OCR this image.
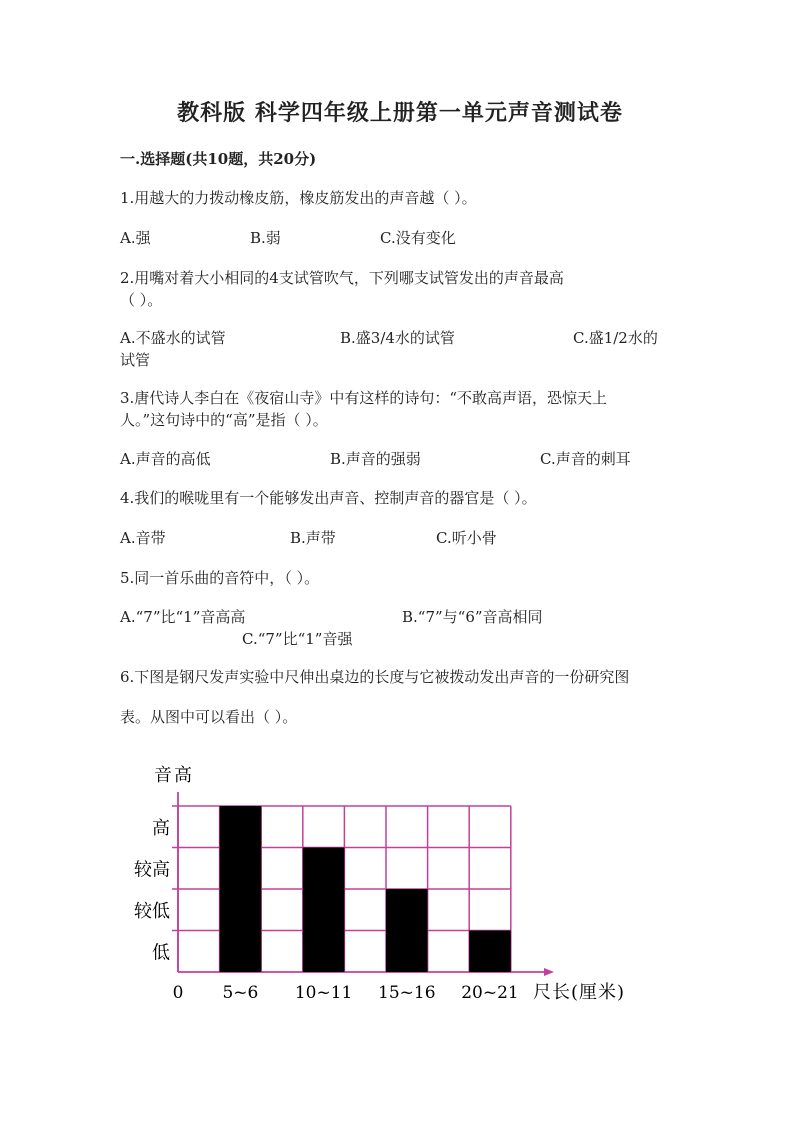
教科版 科学四年级上册第一单元声音测试卷
一.选择题(共10题，共20分)
1.用越大的力拨动橡皮筋，橡皮筋发出的声音越（ ）。
A.强	B.弱	C.没有变化
2.用嘴对着大小相同的4支试管吹气，下列哪支试管发出的声音最高
（ ）。
A.不盛水的试管	B.盛3/4水的试管	C.盛1/2水的
试管
3.唐代诗人李白在《夜宿山寺》中有这样的诗句：“不敢高声语，恐惊天上
人。”这句诗中的“高”是指（ ）。
A.声音的高低	B.声音的强弱	C.声音的刺耳
4.我们的喉咙里有一个能够发出声音、控制声音的器官是（ ）。
A.音带	B.声带	C.听小骨
5.同一首乐曲的音符中，（ ）。
A.“7”比“1”音高高	B.“7”与“6”音高相同
C.“7”比“1”音强
6.下图是钢尺发声实验中尺伸出桌边的长度与它被拨动发出声音的一份研究图
表。从图中可以看出（ ）。
音高
尺长(厘米)
0
低
较低
较高
高
5~6 10~11 15~16 20~21
